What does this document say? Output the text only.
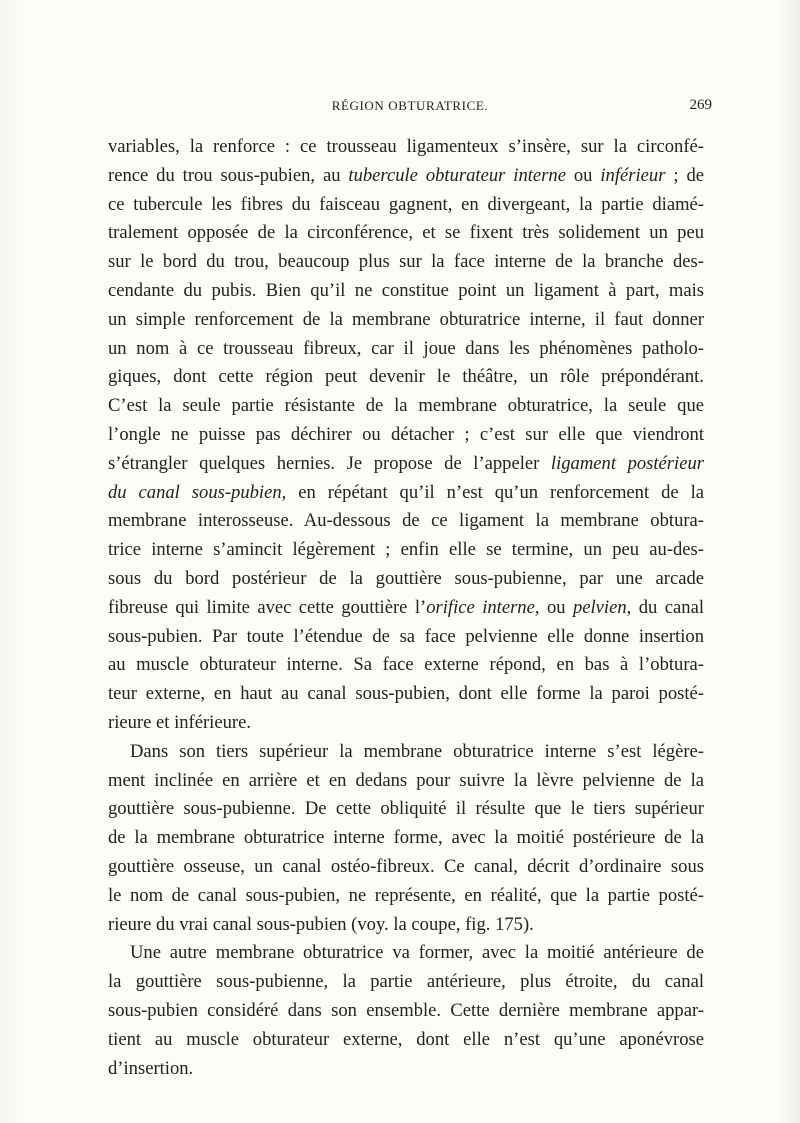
RÉGION OBTURATRICE.	269
variables, la renforce : ce trousseau ligamenteux s’insère, sur la circonfé-
rence du trou sous-pubien, au tubercule obturateur interne ou inférieur ; de
ce tubercule les fibres du faisceau gagnent, en divergeant, la partie diamé-
tralement opposée de la circonférence, et se fixent très solidement un peu
sur le bord du trou, beaucoup plus sur la face interne de la branche des-
cendante du pubis. Bien qu’il ne constitue point un ligament à part, mais
un simple renforcement de la membrane obturatrice interne, il faut donner
un nom à ce trousseau fibreux, car il joue dans les phénomènes patholo-
giques, dont cette région peut devenir le théâtre, un rôle prépondérant.
C’est la seule partie résistante de la membrane obturatrice, la seule que
l’ongle ne puisse pas déchirer ou détacher ; c’est sur elle que viendront
s’étrangler quelques hernies. Je propose de l’appeler ligament postérieur
du canal sous-pubien, en répétant qu’il n’est qu’un renforcement de la
membrane interosseuse. Au-dessous de ce ligament la membrane obtura-
trice interne s’amincit légèrement ; enfin elle se termine, un peu au-des-
sous du bord postérieur de la gouttière sous-pubienne, par une arcade
fibreuse qui limite avec cette gouttière l’orifice interne, ou pelvien, du canal
sous-pubien. Par toute l’étendue de sa face pelvienne elle donne insertion
au muscle obturateur interne. Sa face externe répond, en bas à l’obtura-
teur externe, en haut au canal sous-pubien, dont elle forme la paroi posté-
rieure et inférieure.
Dans son tiers supérieur la membrane obturatrice interne s’est légère-
ment inclinée en arrière et en dedans pour suivre la lèvre pelvienne de la
gouttière sous-pubienne. De cette obliquité il résulte que le tiers supérieur
de la membrane obturatrice interne forme, avec la moitié postérieure de la
gouttière osseuse, un canal ostéo-fibreux. Ce canal, décrit d’ordinaire sous
le nom de canal sous-pubien, ne représente, en réalité, que la partie posté-
rieure du vrai canal sous-pubien (voy. la coupe, fig. 175).
Une autre membrane obturatrice va former, avec la moitié antérieure de
la gouttière sous-pubienne, la partie antérieure, plus étroite, du canal
sous-pubien considéré dans son ensemble. Cette dernière membrane appar-
tient au muscle obturateur externe, dont elle n’est qu’une aponévrose
d’insertion.
